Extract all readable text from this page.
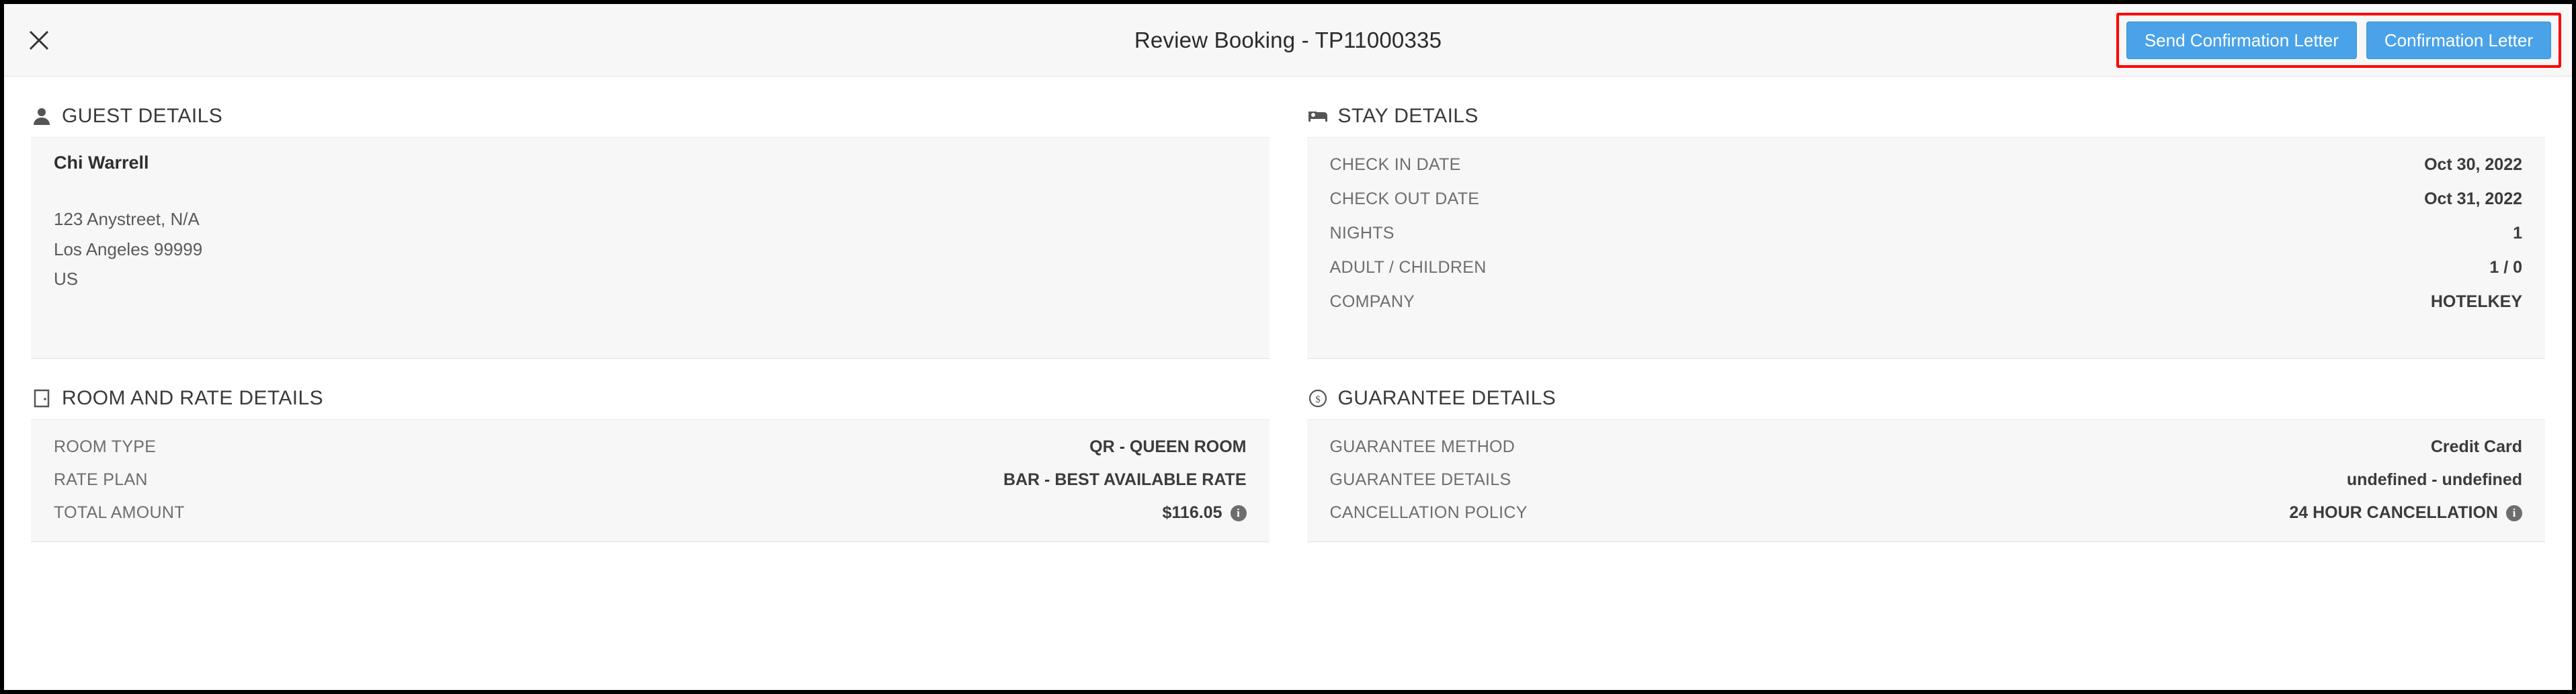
Review Booking - TP11000335	Send Confirmation Letter	Confirmation Letter
GUEST DETAILS
Chi Warrell
123 Anystreet, N/A
Los Angeles 99999
US
STAY DETAILS
CHECK IN DATE	Oct 30, 2022
CHECK OUT DATE	Oct 31, 2022
NIGHTS	1
ADULT / CHILDREN	1 / 0
COMPANY	HOTELKEY
ROOM AND RATE DETAILS
ROOM TYPE	QR - QUEEN ROOM
RATE PLAN	BAR - BEST AVAILABLE RATE
TOTAL AMOUNT	$116.05	i
$ GUARANTEE DETAILS
GUARANTEE METHOD	Credit Card
GUARANTEE DETAILS	undefined - undefined
CANCELLATION POLICY	24 HOUR CANCELLATION	i
